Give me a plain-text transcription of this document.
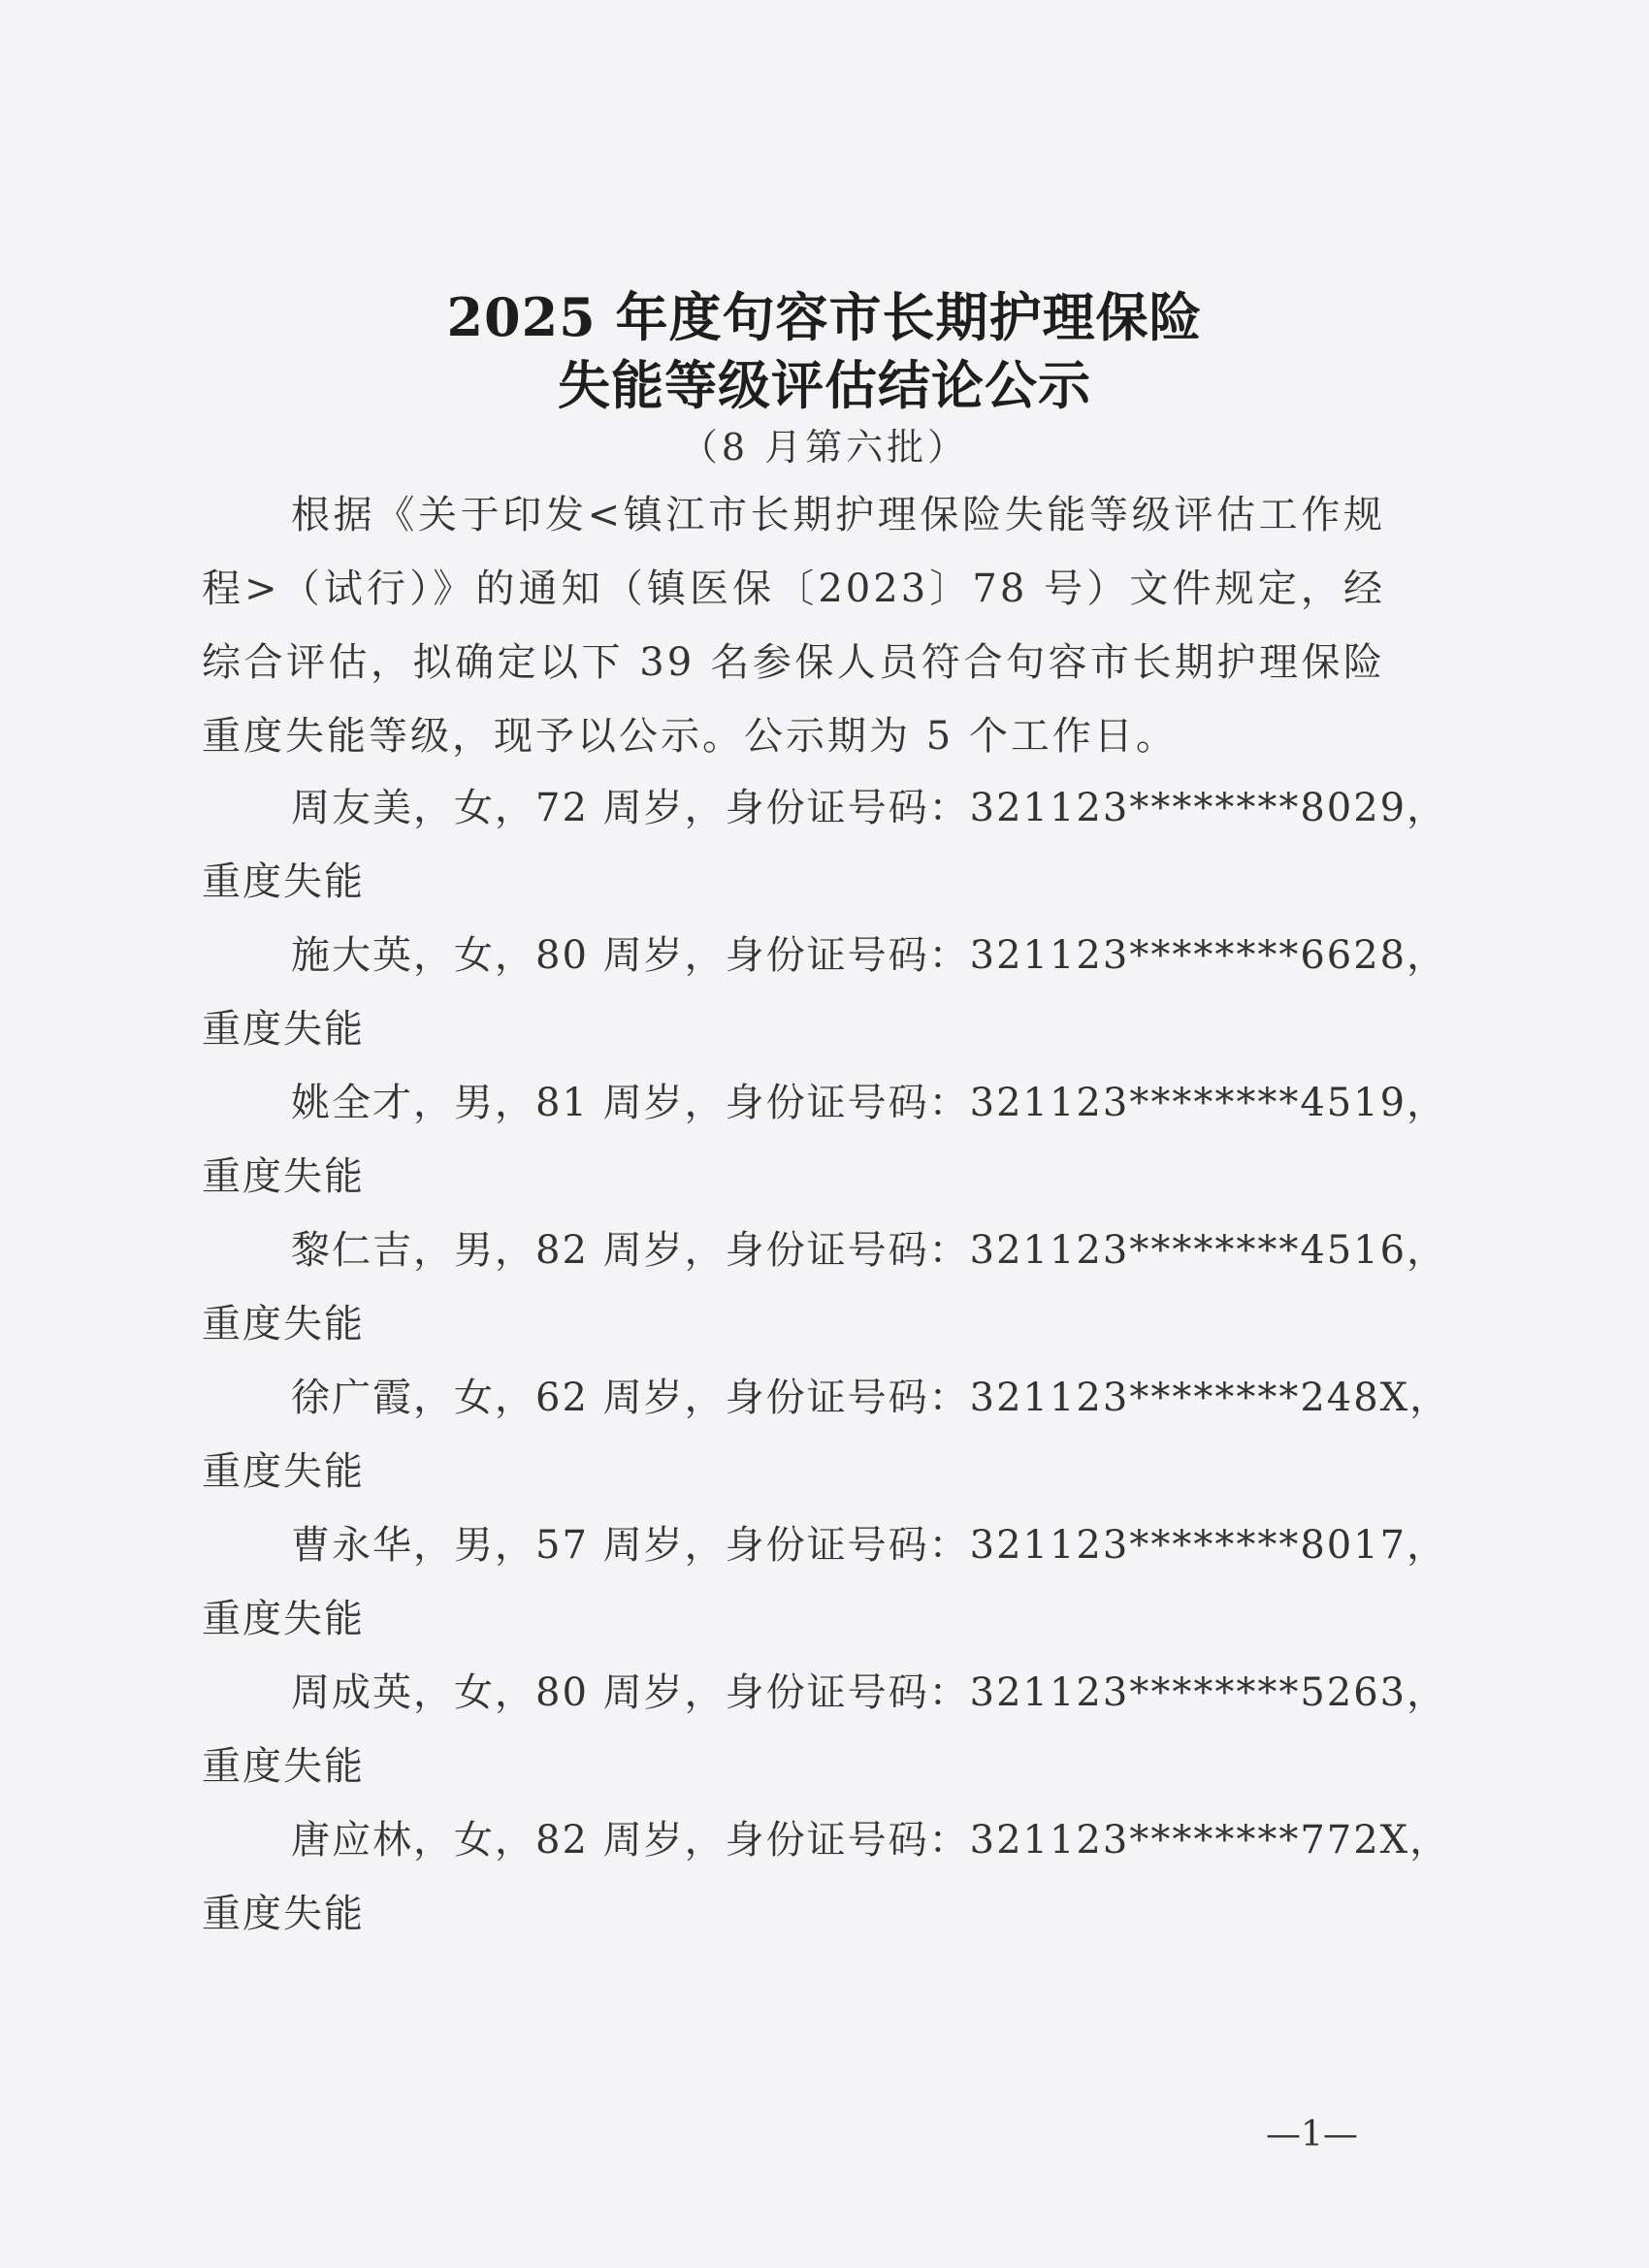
2025 年度句容市长期护理保险
失能等级评估结论公示
（8 月第六批）
根据《关于印发<镇江市长期护理保险失能等级评估工作规程>（试行）》的通知（镇医保〔2023〕78 号）文件规定，经综合评估，拟确定以下 39 名参保人员符合句容市长期护理保险重度失能等级，现予以公示。公示期为 5 个工作日。
周友美，女，72 周岁，身份证号码：321123********8029，
重度失能
施大英，女，80 周岁，身份证号码：321123********6628，
重度失能
姚全才，男，81 周岁，身份证号码：321123********4519，
重度失能
黎仁吉，男，82 周岁，身份证号码：321123********4516，
重度失能
徐广霞，女，62 周岁，身份证号码：321123********248X，
重度失能
曹永华，男，57 周岁，身份证号码：321123********8017，
重度失能
周成英，女，80 周岁，身份证号码：321123********5263，
重度失能
唐应林，女，82 周岁，身份证号码：321123********772X，
重度失能
—1—
